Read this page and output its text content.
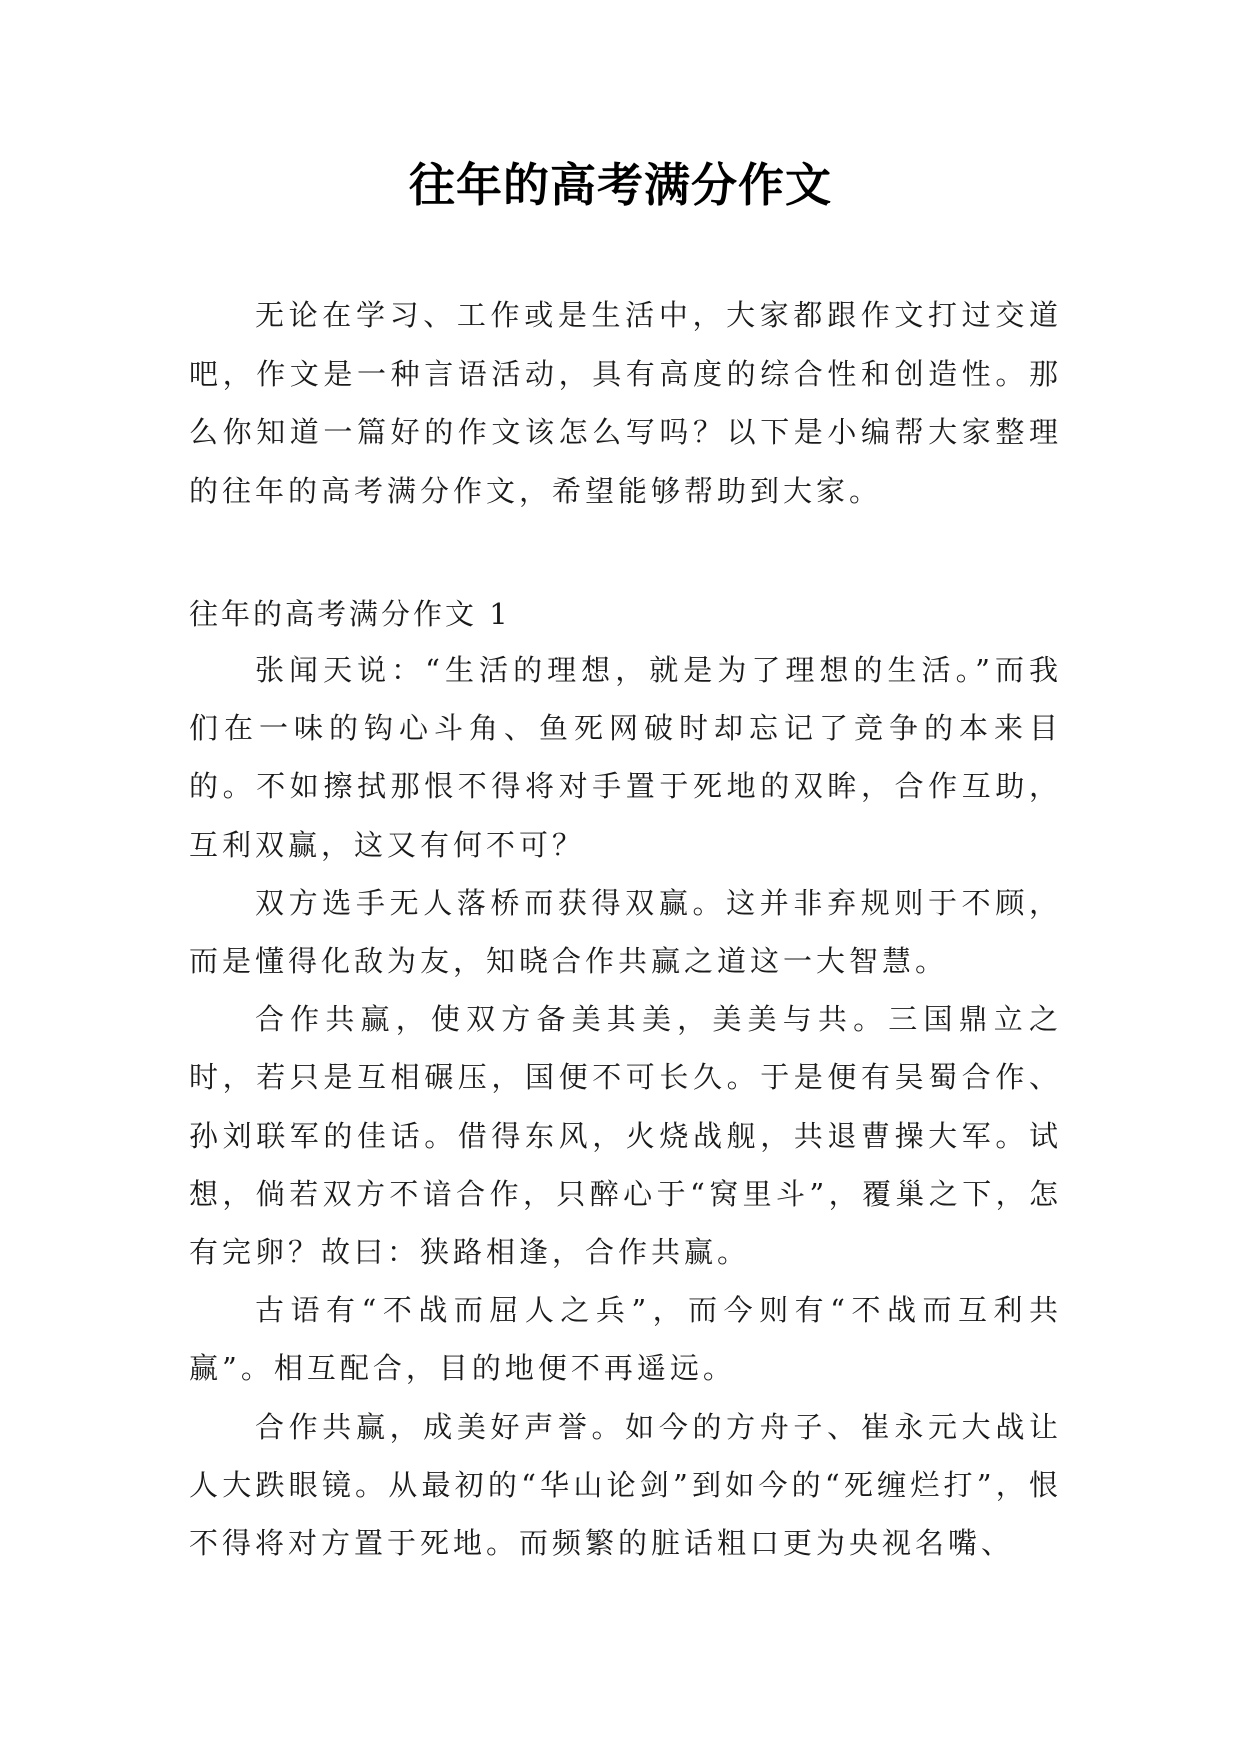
往年的高考满分作文
无论在学习、工作或是生活中，大家都跟作文打过交道吧，作文是一种言语活动，具有高度的综合性和创造性。那么你知道一篇好的作文该怎么写吗？以下是小编帮大家整理的往年的高考满分作文，希望能够帮助到大家。
往年的高考满分作文 1

张闻天说：“生活的理想，就是为了理想的生活。”而我们在一味的钩心斗角、鱼死网破时却忘记了竞争的本来目的。不如擦拭那恨不得将对手置于死地的双眸，合作互助，互利双赢，这又有何不可？

双方选手无人落桥而获得双赢。这并非弃规则于不顾，而是懂得化敌为友，知晓合作共赢之道这一大智慧。

合作共赢，使双方备美其美，美美与共。三国鼎立之时，若只是互相碾压，国便不可长久。于是便有吴蜀合作、孙刘联军的佳话。借得东风，火烧战舰，共退曹操大军。试想，倘若双方不谙合作，只醉心于“窝里斗”，覆巢之下，怎有完卵？故曰：狭路相逢，合作共赢。

古语有“不战而屈人之兵”，而今则有“不战而互利共赢”。相互配合，目的地便不再遥远。

合作共赢，成美好声誉。如今的方舟子、崔永元大战让人大跌眼镜。从最初的“华山论剑”到如今的“死缠烂打”，恨不得将对方置于死地。而频繁的脏话粗口更为央视名嘴、
